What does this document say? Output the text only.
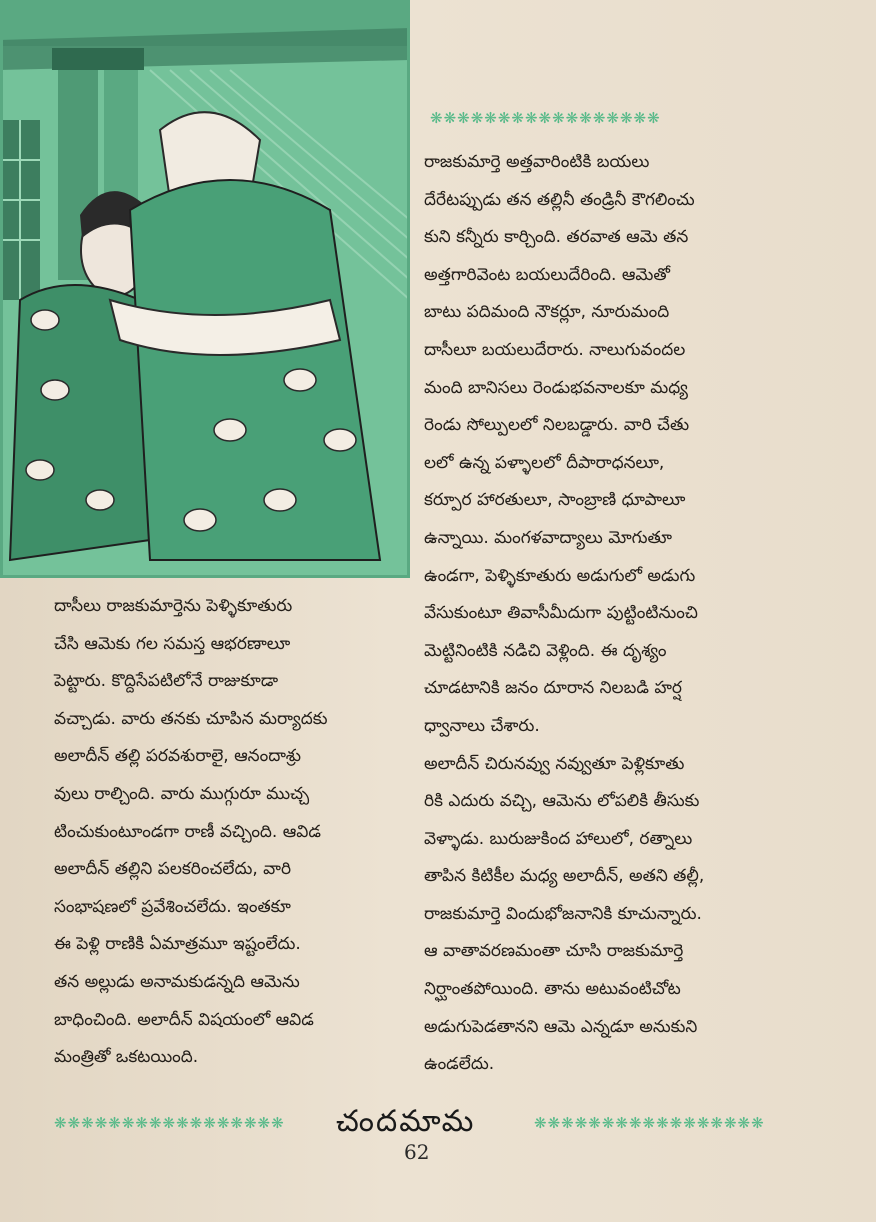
❋❋❋❋❋❋❋❋❋❋❋❋❋❋❋❋❋

రాజకుమార్తె అత్తవారింటికి బయలు
దేరేటప్పుడు తన తల్లినీ తండ్రినీ కౌగలించు
కుని కన్నీరు కార్చింది. తరవాత ఆమె తన
అత్తగారివెంట బయలుదేరింది. ఆమెతో
బాటు పదిమంది నౌకర్లూ, నూరుమంది
దాసీలూ బయలుదేరారు. నాలుగువందల
మంది బానిసలు రెండుభవనాలకూ మధ్య
రెండు సోల్పులలో నిలబడ్డారు. వారి చేతు
లలో ఉన్న పళ్ళాలలో దీపారాధనలూ,
కర్పూర హారతులూ, సాంబ్రాణి ధూపాలూ
ఉన్నాయి. మంగళవాద్యాలు మోగుతూ
ఉండగా, పెళ్ళికూతురు అడుగులో అడుగు
వేసుకుంటూ తివాసీమీదుగా పుట్టింటినుంచి
మెట్టినింటికి నడిచి వెళ్లింది. ఈ దృశ్యం
చూడటానికి జనం దూరాన నిలబడి హర్ష
ధ్వానాలు చేశారు.

అలాదీన్ చిరునవ్వు నవ్వుతూ పెళ్లికూతు
రికి ఎదురు వచ్చి, ఆమెను లోపలికి తీసుకు
వెళ్ళాడు. బురుజుకింద హాలులో, రత్నాలు
తాపిన కిటికీల మధ్య అలాదీన్, అతని తల్లీ,
రాజకుమార్తె విందుభోజనానికి కూచున్నారు.
ఆ వాతావరణమంతా చూసి రాజకుమార్తె
నిర్ఘాంతపోయింది. తాను అటువంటిచోట
అడుగుపెడతానని ఆమె ఎన్నడూ అనుకుని
ఉండలేదు.

దాసీలు రాజకుమార్తెను పెళ్ళికూతురు
చేసి ఆమెకు గల సమస్త ఆభరణాలూ
పెట్టారు. కొద్దిసేపటిలోనే రాజుకూడా
వచ్చాడు. వారు తనకు చూపిన మర్యాదకు
అలాదీన్ తల్లి పరవశురాలై, ఆనందాశ్రు
వులు రాల్చింది. వారు ముగ్గురూ ముచ్చ
టించుకుంటూండగా రాణీ వచ్చింది. ఆవిడ
అలాదీన్ తల్లిని పలకరించలేదు, వారి
సంభాషణలో ప్రవేశించలేదు. ఇంతకూ
ఈ పెళ్లి రాణికి ఏమాత్రమూ ఇష్టంలేదు.
తన అల్లుడు అనామకుడన్నది ఆమెను
బాధించింది. అలాదీన్ విషయంలో ఆవిడ
మంత్రితో ఒకటయింది.

❋❋❋❋❋❋❋❋❋❋❋❋❋❋❋❋❋	చందమామ	❋❋❋❋❋❋❋❋❋❋❋❋❋❋❋❋❋
62
